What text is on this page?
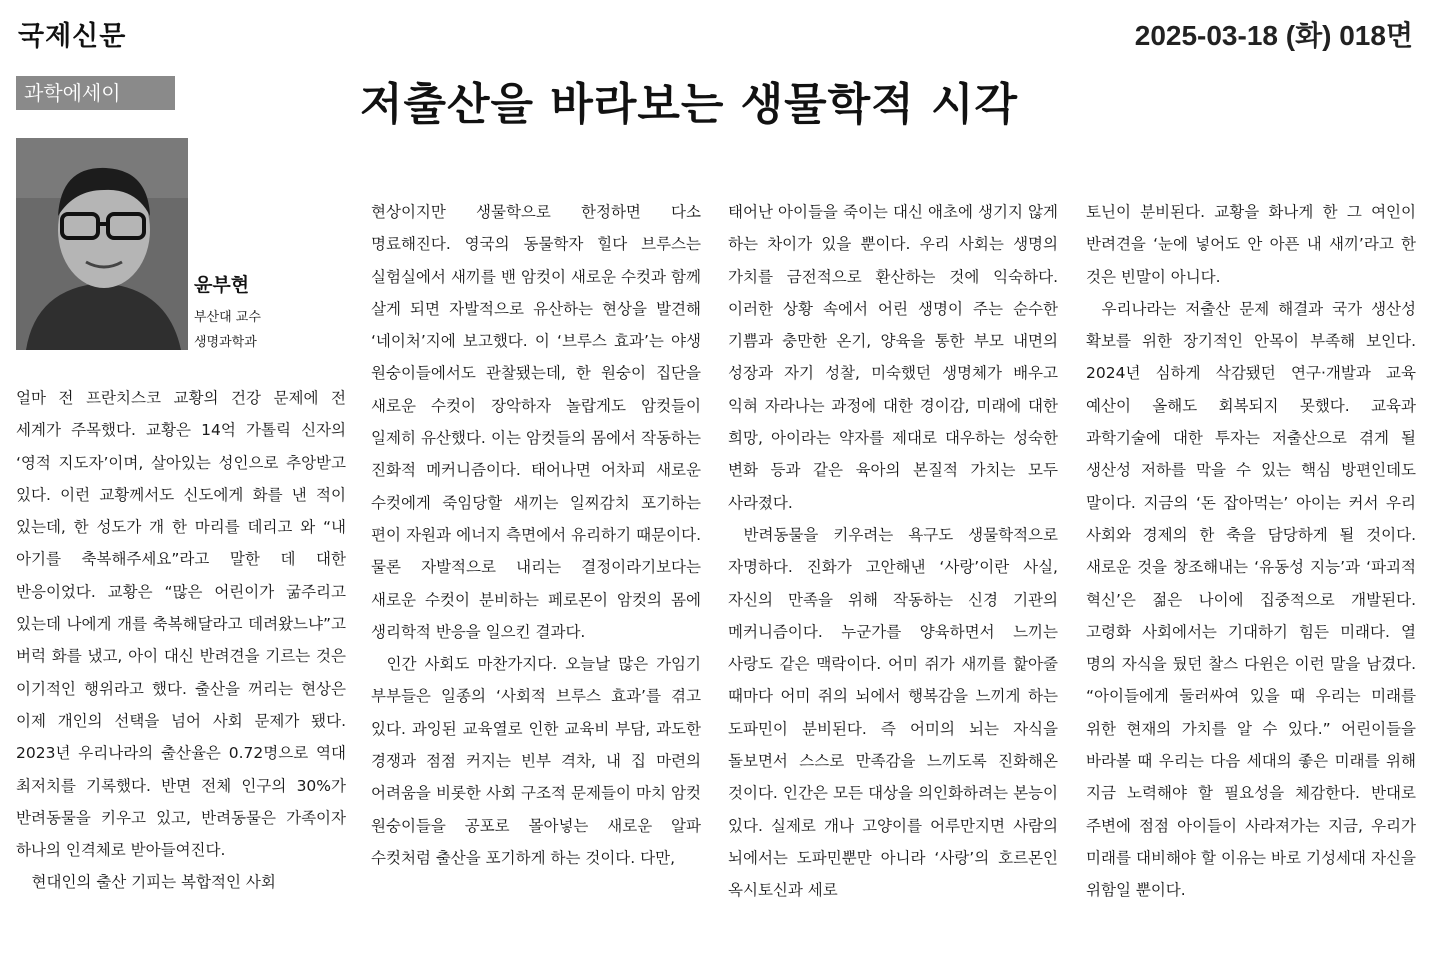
국제신문	2025-03-18 (화) 018면
과학에세이	저출산을 바라보는 생물학적 시각
윤부현
부산대 교수
생명과학과

얼마 전 프란치스코 교황의 건강 문제에 전 세계가 주목했다. 교황은 14억 가톨릭 신자의 ‘영적 지도자’이며, 살아있는 성인으로 추앙받고 있다. 이런 교황께서도 신도에게 화를 낸 적이 있는데, 한 성도가 개 한 마리를 데리고 와 “내 아기를 축복해주세요”라고 말한 데 대한 반응이었다. 교황은 “많은 어린이가 굶주리고 있는데 나에게 개를 축복해달라고 데려왔느냐”고 버럭 화를 냈고, 아이 대신 반려견을 기르는 것은 이기적인 행위라고 했다. 출산을 꺼리는 현상은 이제 개인의 선택을 넘어 사회 문제가 됐다. 2023년 우리나라의 출산율은 0.72명으로 역대 최저치를 기록했다. 반면 전체 인구의 30%가 반려동물을 키우고 있고, 반려동물은 가족이자 하나의 인격체로 받아들여진다.

현대인의 출산 기피는 복합적인 사회

현상이지만 생물학으로 한정하면 다소 명료해진다. 영국의 동물학자 힐다 브루스는 실험실에서 새끼를 밴 암컷이 새로운 수컷과 함께 살게 되면 자발적으로 유산하는 현상을 발견해 ‘네이처’지에 보고했다. 이 ‘브루스 효과’는 야생 원숭이들에서도 관찰됐는데, 한 원숭이 집단을 새로운 수컷이 장악하자 놀랍게도 암컷들이 일제히 유산했다. 이는 암컷들의 몸에서 작동하는 진화적 메커니즘이다. 태어나면 어차피 새로운 수컷에게 죽임당할 새끼는 일찌감치 포기하는 편이 자원과 에너지 측면에서 유리하기 때문이다. 물론 자발적으로 내리는 결정이라기보다는 새로운 수컷이 분비하는 페로몬이 암컷의 몸에 생리학적 반응을 일으킨 결과다.

인간 사회도 마찬가지다. 오늘날 많은 가임기 부부들은 일종의 ‘사회적 브루스 효과’를 겪고 있다. 과잉된 교육열로 인한 교육비 부담, 과도한 경쟁과 점점 커지는 빈부 격차, 내 집 마련의 어려움을 비롯한 사회 구조적 문제들이 마치 암컷 원숭이들을 공포로 몰아넣는 새로운 알파 수컷처럼 출산을 포기하게 하는 것이다. 다만,

태어난 아이들을 죽이는 대신 애초에 생기지 않게 하는 차이가 있을 뿐이다. 우리 사회는 생명의 가치를 금전적으로 환산하는 것에 익숙하다. 이러한 상황 속에서 어린 생명이 주는 순수한 기쁨과 충만한 온기, 양육을 통한 부모 내면의 성장과 자기 성찰, 미숙했던 생명체가 배우고 익혀 자라나는 과정에 대한 경이감, 미래에 대한 희망, 아이라는 약자를 제대로 대우하는 성숙한 변화 등과 같은 육아의 본질적 가치는 모두 사라졌다.

반려동물을 키우려는 욕구도 생물학적으로 자명하다. 진화가 고안해낸 ‘사랑’이란 사실, 자신의 만족을 위해 작동하는 신경 기관의 메커니즘이다. 누군가를 양육하면서 느끼는 사랑도 같은 맥락이다. 어미 쥐가 새끼를 핥아줄 때마다 어미 쥐의 뇌에서 행복감을 느끼게 하는 도파민이 분비된다. 즉 어미의 뇌는 자식을 돌보면서 스스로 만족감을 느끼도록 진화해온 것이다. 인간은 모든 대상을 의인화하려는 본능이 있다. 실제로 개나 고양이를 어루만지면 사람의 뇌에서는 도파민뿐만 아니라 ‘사랑’의 호르몬인 옥시토신과 세로

토닌이 분비된다. 교황을 화나게 한 그 여인이 반려견을 ‘눈에 넣어도 안 아픈 내 새끼’라고 한 것은 빈말이 아니다.

우리나라는 저출산 문제 해결과 국가 생산성 확보를 위한 장기적인 안목이 부족해 보인다. 2024년 심하게 삭감됐던 연구·개발과 교육 예산이 올해도 회복되지 못했다. 교육과 과학기술에 대한 투자는 저출산으로 겪게 될 생산성 저하를 막을 수 있는 핵심 방편인데도 말이다. 지금의 ‘돈 잡아먹는’ 아이는 커서 우리 사회와 경제의 한 축을 담당하게 될 것이다. 새로운 것을 창조해내는 ‘유동성 지능’과 ‘파괴적 혁신’은 젊은 나이에 집중적으로 개발된다. 고령화 사회에서는 기대하기 힘든 미래다. 열 명의 자식을 뒀던 찰스 다윈은 이런 말을 남겼다. “아이들에게 둘러싸여 있을 때 우리는 미래를 위한 현재의 가치를 알 수 있다.” 어린이들을 바라볼 때 우리는 다음 세대의 좋은 미래를 위해 지금 노력해야 할 필요성을 체감한다. 반대로 주변에 점점 아이들이 사라져가는 지금, 우리가 미래를 대비해야 할 이유는 바로 기성세대 자신을 위함일 뿐이다.
